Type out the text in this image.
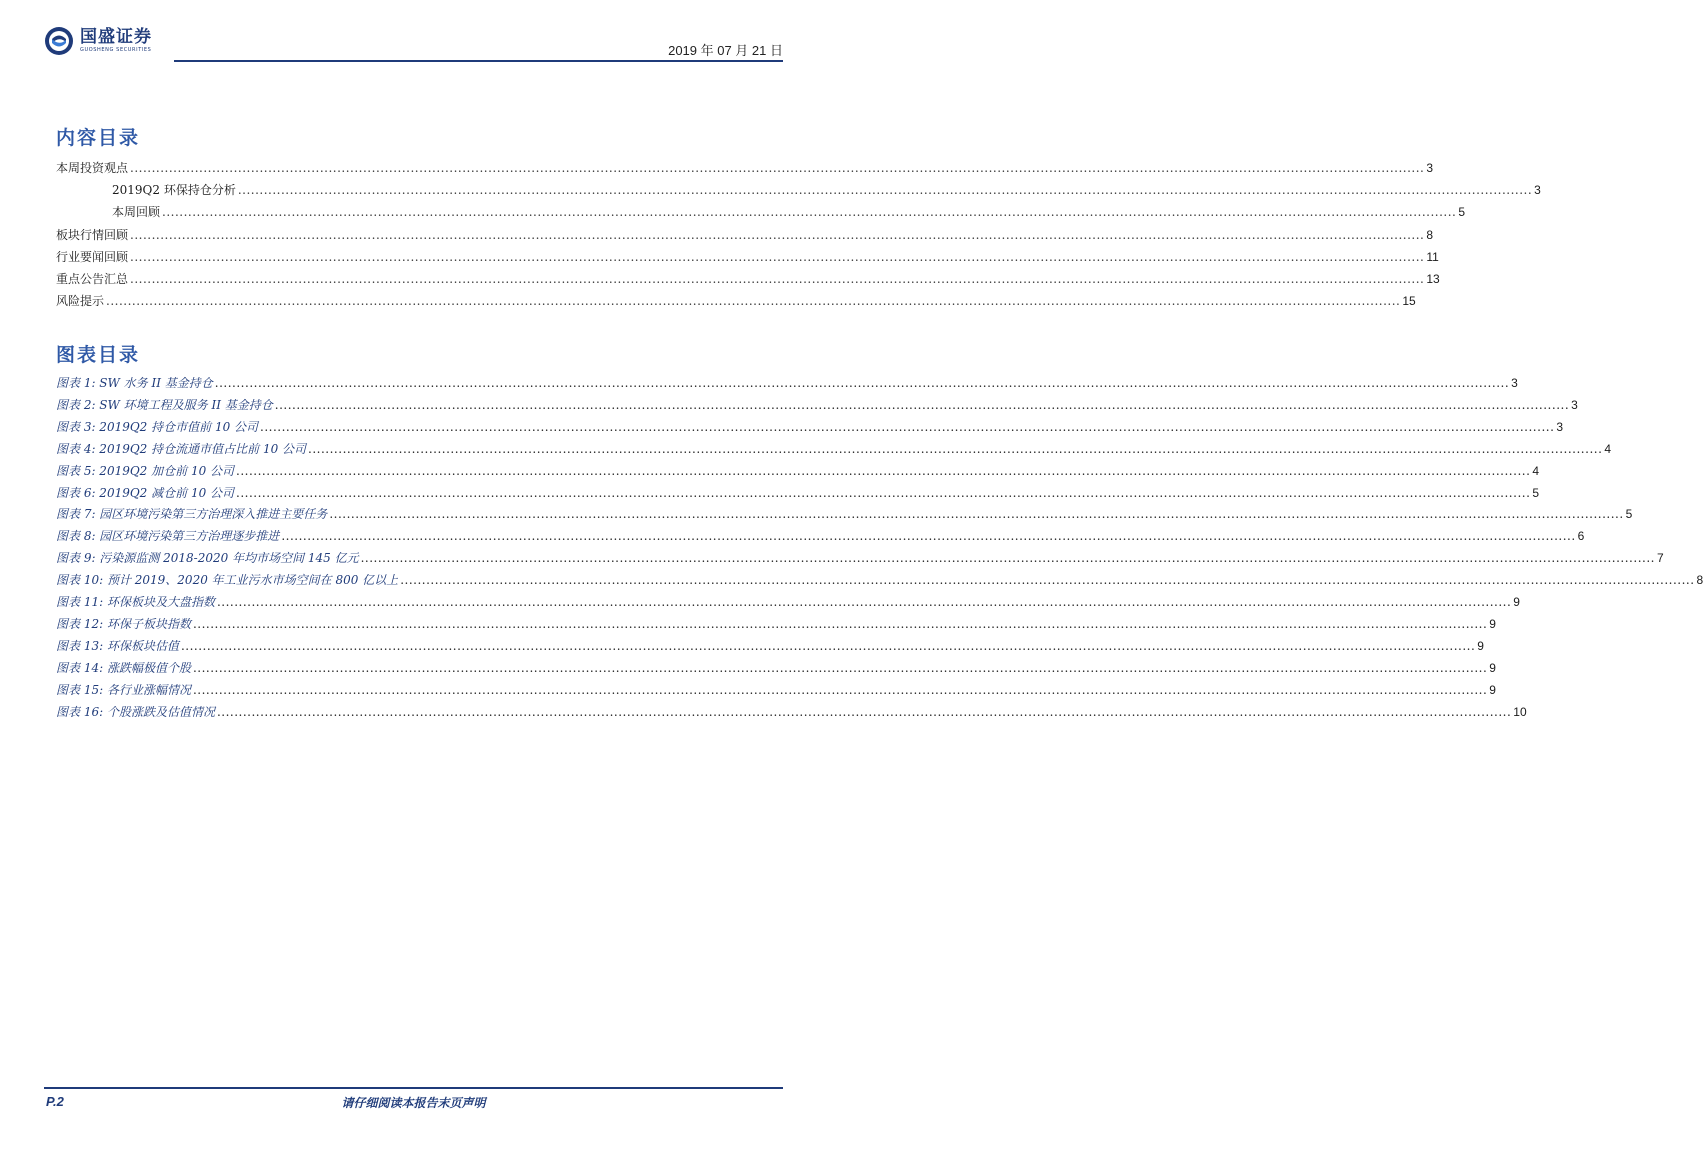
国盛证券
GUOSHENG SECURITIES	2019 年 07 月 21 日
内容目录
本周投资观点 ............................................................................................................................................................................................................................................................................................................ 3
2019Q2 环保持仓分析 ............................................................................................................................................................................................................................................................................................................ 3
本周回顾 ............................................................................................................................................................................................................................................................................................................ 5
板块行情回顾 ............................................................................................................................................................................................................................................................................................................ 8
行业要闻回顾 ............................................................................................................................................................................................................................................................................................................ 11
重点公告汇总 ............................................................................................................................................................................................................................................................................................................ 13
风险提示 ............................................................................................................................................................................................................................................................................................................ 15
图表目录
图表 1: SW 水务 II 基金持仓 ............................................................................................................................................................................................................................................................................................................ 3
图表 2: SW 环境工程及服务 II 基金持仓 ............................................................................................................................................................................................................................................................................................................ 3
图表 3: 2019Q2 持仓市值前 10 公司 ............................................................................................................................................................................................................................................................................................................ 3
图表 4: 2019Q2 持仓流通市值占比前 10 公司 ............................................................................................................................................................................................................................................................................................................ 4
图表 5: 2019Q2 加仓前 10 公司 ............................................................................................................................................................................................................................................................................................................ 4
图表 6: 2019Q2 减仓前 10 公司 ............................................................................................................................................................................................................................................................................................................ 5
图表 7: 园区环境污染第三方治理深入推进主要任务 ............................................................................................................................................................................................................................................................................................................ 5
图表 8: 园区环境污染第三方治理逐步推进 ............................................................................................................................................................................................................................................................................................................ 6
图表 9: 污染源监测 2018-2020 年均市场空间 145 亿元 ............................................................................................................................................................................................................................................................................................................ 7
图表 10: 预计 2019、2020 年工业污水市场空间在 800 亿以上 ............................................................................................................................................................................................................................................................................................................ 8
图表 11: 环保板块及大盘指数 ............................................................................................................................................................................................................................................................................................................ 9
图表 12: 环保子板块指数 ............................................................................................................................................................................................................................................................................................................ 9
图表 13: 环保板块估值 ............................................................................................................................................................................................................................................................................................................ 9
图表 14: 涨跌幅极值个股 ............................................................................................................................................................................................................................................................................................................ 9
图表 15: 各行业涨幅情况 ............................................................................................................................................................................................................................................................................................................ 9
图表 16: 个股涨跌及估值情况 ............................................................................................................................................................................................................................................................................................................ 10
P.2	请仔细阅读本报告末页声明
